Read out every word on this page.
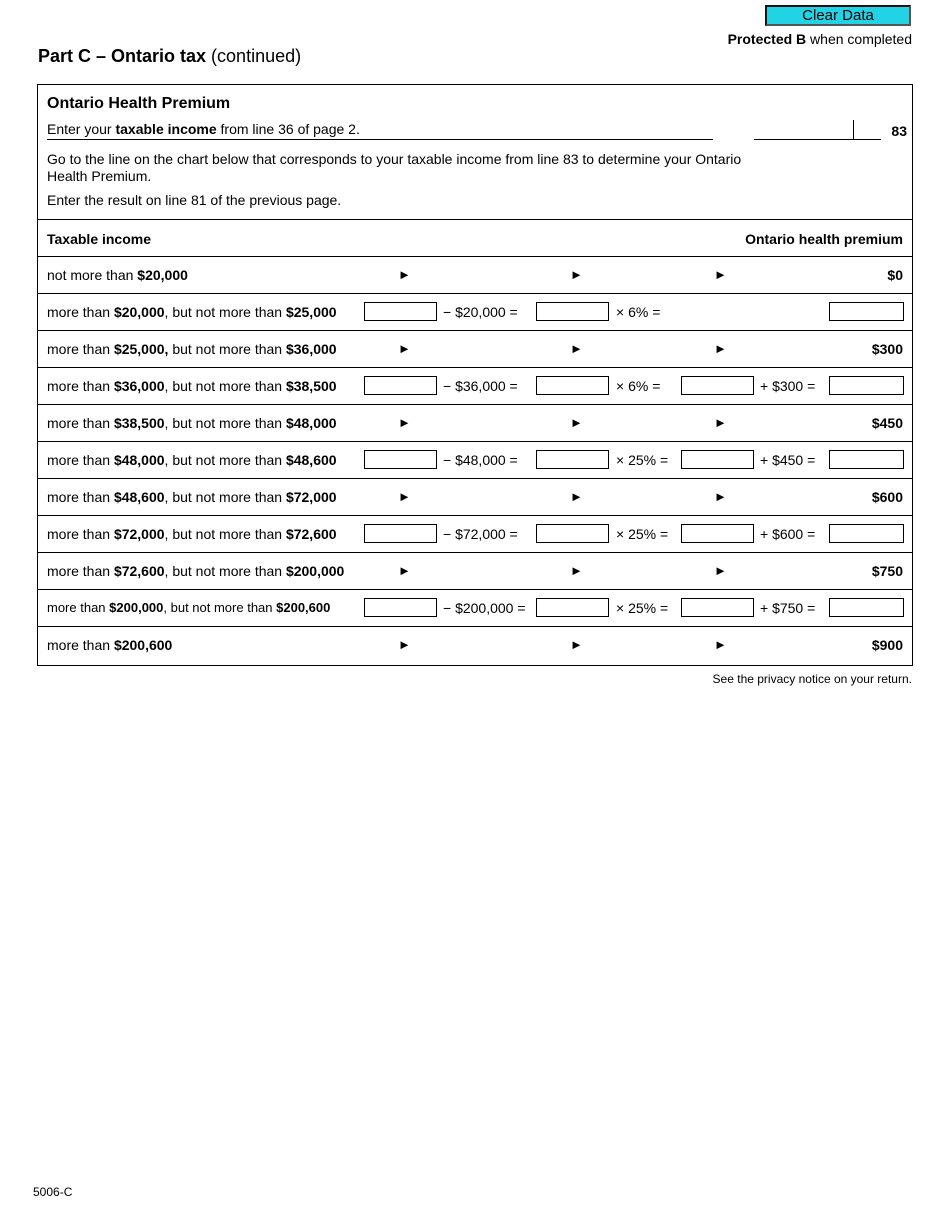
Clear Data
Protected B when completed
Part C – Ontario tax (continued)
Ontario Health Premium
Enter your taxable income from line 36 of page 2.	83
Go to the line on the chart below that corresponds to your taxable income from line 83 to determine your Ontario Health Premium.
Enter the result on line 81 of the previous page.
Taxable income	Ontario health premium
not more than $20,000	►	►	►	$0
more than $20,000, but not more than $25,000	− $20,000 =	× 6% =
more than $25,000, but not more than $36,000	►	►	►	$300
more than $36,000, but not more than $38,500	− $36,000 =	× 6% =	+ $300 =
more than $38,500, but not more than $48,000	►	►	►	$450
more than $48,000, but not more than $48,600	− $48,000 =	× 25% =	+ $450 =
more than $48,600, but not more than $72,000	►	►	►	$600
more than $72,000, but not more than $72,600	− $72,000 =	× 25% =	+ $600 =
more than $72,600, but not more than $200,000	►	►	►	$750
more than $200,000, but not more than $200,600	− $200,000 =	× 25% =	+ $750 =
more than $200,600	►	►	►	$900
See the privacy notice on your return.
5006-C
